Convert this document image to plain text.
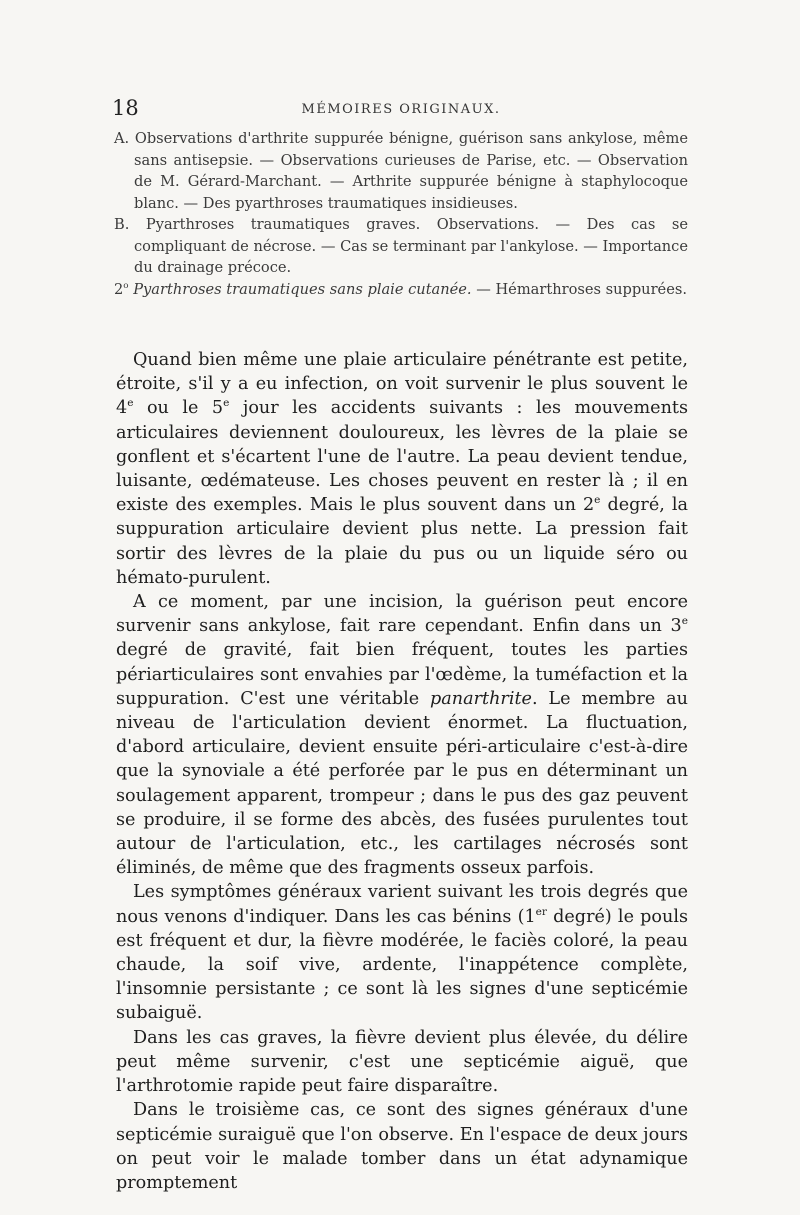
18	MÉMOIRES ORIGINAUX.

A. Observations d'arthrite suppurée bénigne, guérison sans ankylose, même sans antisepsie. — Observations curieuses de Parise, etc. — Observation de M. Gérard-Marchant. — Arthrite suppurée bénigne à staphylocoque blanc. — Des pyarthroses traumatiques insidieuses.

B. Pyarthroses traumatiques graves. Observations. — Des cas se compliquant de nécrose. — Cas se terminant par l'ankylose. — Importance du drainage précoce.

2$^o$ Pyarthroses traumatiques sans plaie cutanée. — Hémarthroses suppurées.

Quand bien même une plaie articulaire pénétrante est petite, étroite, s'il y a eu infection, on voit survenir le plus souvent le 4e ou le 5e jour les accidents suivants : les mouvements articulaires deviennent douloureux, les lèvres de la plaie se gonflent et s'écartent l'une de l'autre. La peau devient tendue, luisante, œdémateuse. Les choses peuvent en rester là ; il en existe des exemples. Mais le plus souvent dans un 2e degré, la suppuration articulaire devient plus nette. La pression fait sortir des lèvres de la plaie du pus ou un liquide séro ou hémato-purulent.

A ce moment, par une incision, la guérison peut encore survenir sans ankylose, fait rare cependant. Enfin dans un 3e degré de gravité, fait bien fréquent, toutes les parties périarticulaires sont envahies par l'œdème, la tuméfaction et la suppuration. C'est une véritable panarthrite. Le membre au niveau de l'articulation devient énormet. La fluctuation, d'abord articulaire, devient ensuite péri-articulaire c'est-à-dire que la synoviale a été perforée par le pus en déterminant un soulagement apparent, trompeur ; dans le pus des gaz peuvent se produire, il se forme des abcès, des fusées purulentes tout autour de l'articulation, etc., les cartilages nécrosés sont éliminés, de même que des fragments osseux parfois.

Les symptômes généraux varient suivant les trois degrés que nous venons d'indiquer. Dans les cas bénins (1er degré) le pouls est fréquent et dur, la fièvre modérée, le faciès coloré, la peau chaude, la soif vive, ardente, l'inappétence complète, l'insomnie persistante ; ce sont là les signes d'une septicémie subaiguë.

Dans les cas graves, la fièvre devient plus élevée, du délire peut même survenir, c'est une septicémie aiguë, que l'arthrotomie rapide peut faire disparaître.

Dans le troisième cas, ce sont des signes généraux d'une septicémie suraiguë que l'on observe. En l'espace de deux jours on peut voir le malade tomber dans un état adynamique promptement
